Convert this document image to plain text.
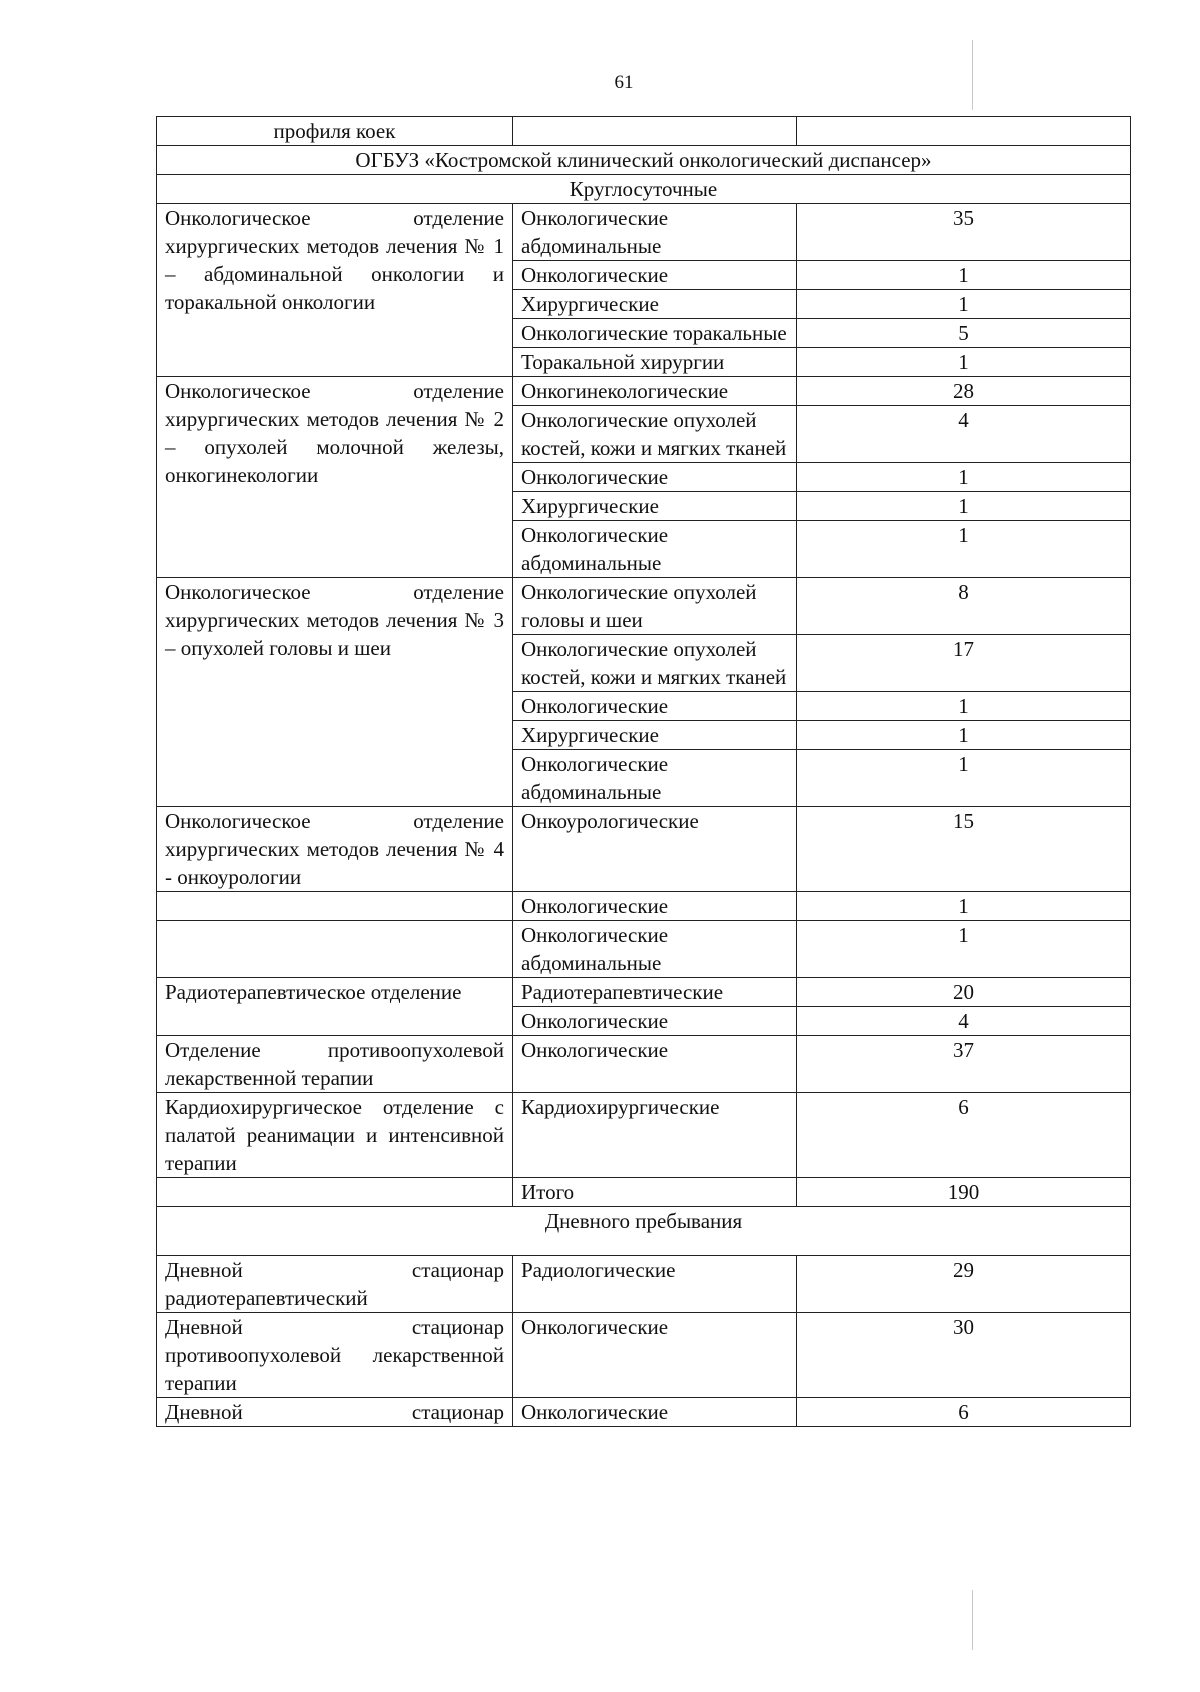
61
профиля коек		
ОГБУЗ «Костромской клинический онкологический диспансер»		
Круглосуточные		
Онкологическое отделение хирургических методов лечения № 1 – абдоминальной онкологии и торакальной онкологии	Онкологические абдоминальные	35
	Онкологические	1
	Хирургические	1
	Онкологические торакальные	5
	Торакальной хирургии	1
Онкологическое отделение хирургических методов лечения № 2 – опухолей молочной железы, онкогинекологии	Онкогинекологические	28
	Онкологические опухолей костей, кожи и мягких тканей	4
	Онкологические	1
	Хирургические	1
	Онкологические абдоминальные	1
Онкологическое отделение хирургических методов лечения № 3 – опухолей головы и шеи	Онкологические опухолей головы и шеи	8
	Онкологические опухолей костей, кожи и мягких тканей	17
	Онкологические	1
	Хирургические	1
	Онкологические абдоминальные	1
Онкологическое отделение хирургических методов лечения № 4 - онкоурологии	Онкоурологические	15
	Онкологические	1
	Онкологические абдоминальные	1
Радиотерапевтическое отделение	Радиотерапевтические	20
	Онкологические	4
Отделение противоопухолевой лекарственной терапии	Онкологические	37
Кардиохирургическое отделение с палатой реанимации и интенсивной терапии	Кардиохирургические	6
	Итого	190
Дневного пребывания		
Дневной стационар радиотерапевтический	Радиологические	29
Дневной стационар противоопухолевой лекарственной терапии	Онкологические	30
Дневной стационар	Онкологические	6
